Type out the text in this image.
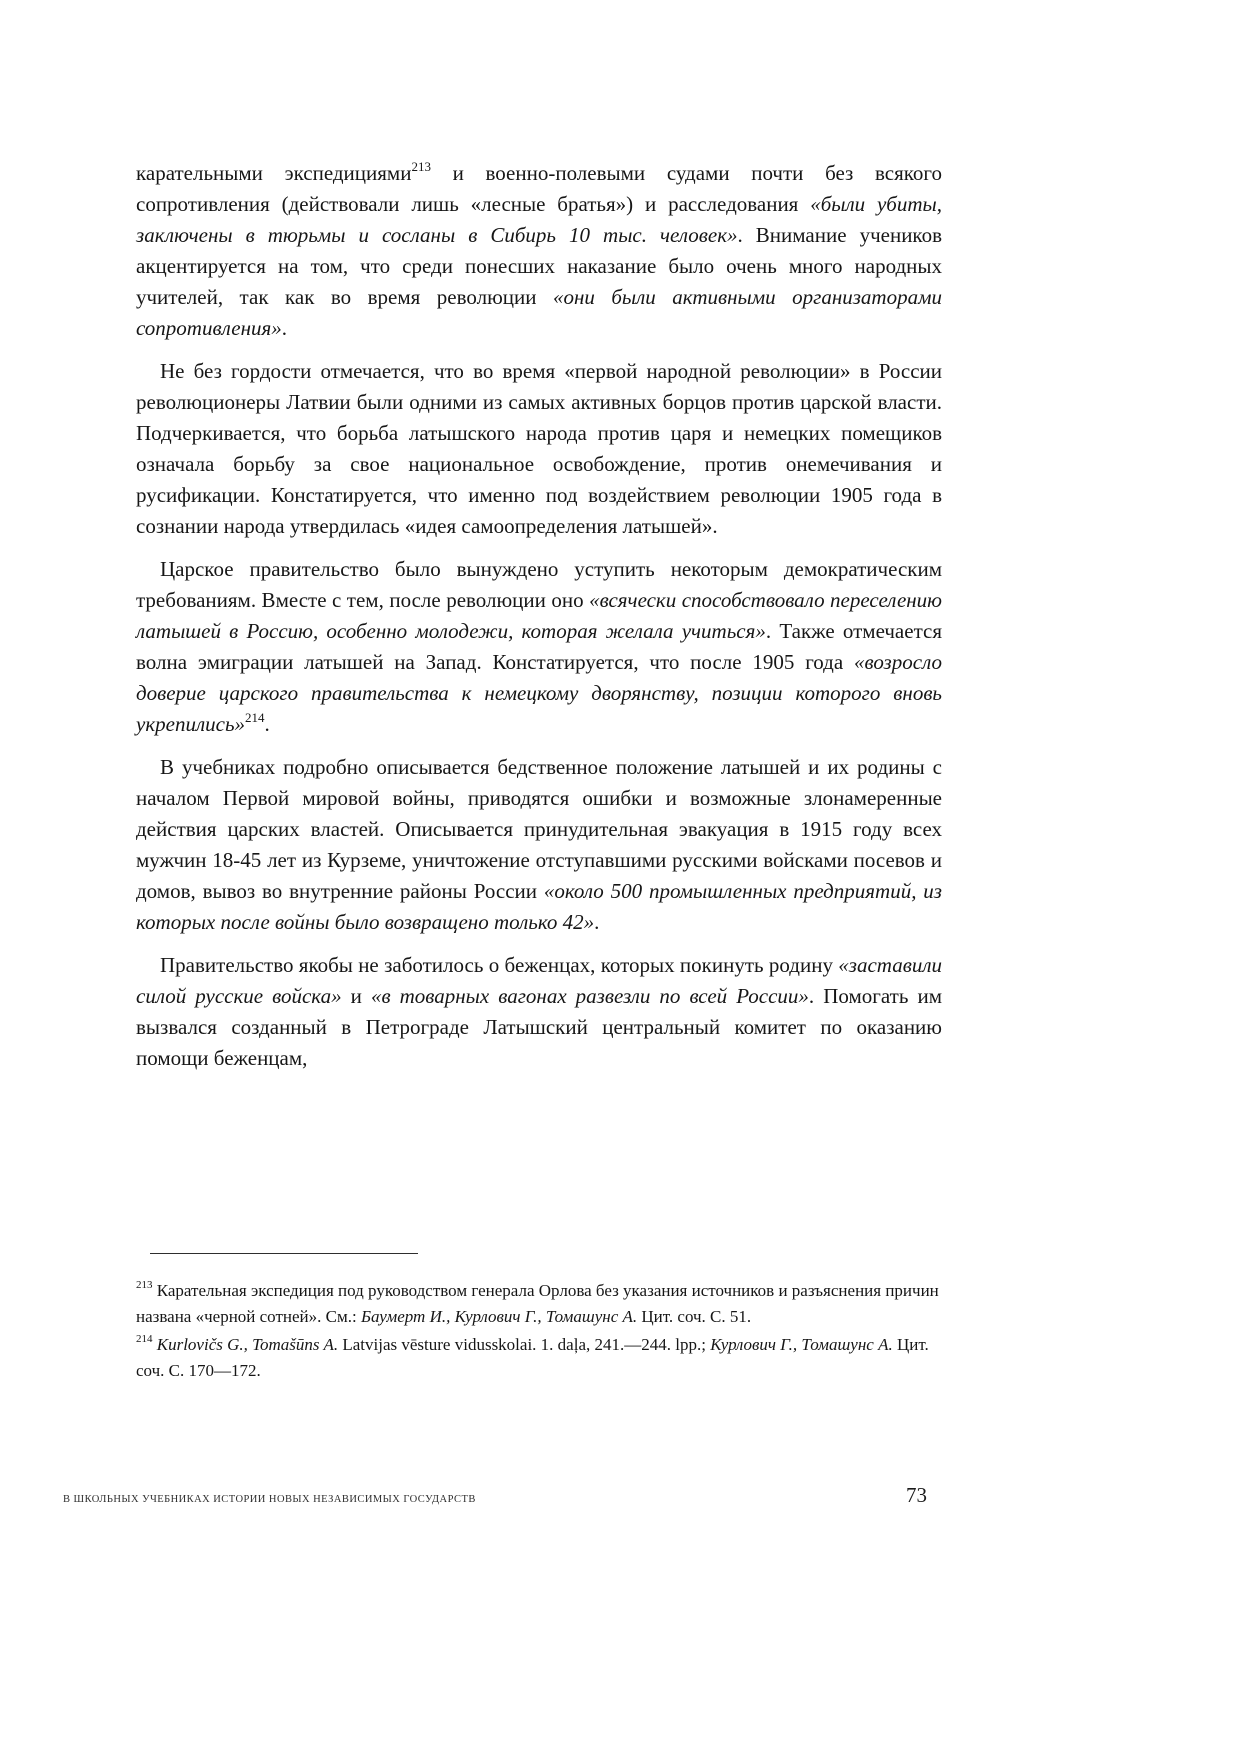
карательными экспедициями$^{213}$ и военно-полевыми судами почти без всякого сопротивления (действовали лишь «лесные братья») и расследования «были убиты, заключены в тюрьмы и сосланы в Сибирь 10 тыс. человек». Внимание учеников акцентируется на том, что среди понесших наказание было очень много народных учителей, так как во время революции «они были активными организаторами сопротивления».

Не без гордости отмечается, что во время «первой народной революции» в России революционеры Латвии были одними из самых активных борцов против царской власти. Подчеркивается, что борьба латышского народа против царя и немецких помещиков означала борьбу за свое национальное освобождение, против онемечивания и русификации. Констатируется, что именно под воздействием революции 1905 года в сознании народа утвердилась «идея самоопределения латышей».

Царское правительство было вынуждено уступить некоторым демократическим требованиям. Вместе с тем, после революции оно «всячески способствовало переселению латышей в Россию, особенно молодежи, которая желала учиться». Также отмечается волна эмиграции латышей на Запад. Констатируется, что после 1905 года «возросло доверие царского правительства к немецкому дворянству, позиции которого вновь укрепились»$^{214}$.

В учебниках подробно описывается бедственное положение латышей и их родины с началом Первой мировой войны, приводятся ошибки и возможные злонамеренные действия царских властей. Описывается принудительная эвакуация в 1915 году всех мужчин 18-45 лет из Курземе, уничтожение отступавшими русскими войсками посевов и домов, вывоз во внутренние районы России «около 500 промышленных предприятий, из которых после войны было возвращено только 42».

Правительство якобы не заботилось о беженцах, которых покинуть родину «заставили силой русские войска» и «в товарных вагонах развезли по всей России». Помогать им вызвался созданный в Петрограде Латышский центральный комитет по оказанию помощи беженцам,

$^{213}$ Карательная экспедиция под руководством генерала Орлова без указания источников и разъяснения причин названа «черной сотней». См.: Баумерт И., Курлович Г., Томашунс А. Цит. соч. С. 51.

$^{214}$ Kurlovičs G., Tomašūns A. Latvijas vēsture vidusskolai. 1. daļa, 241.—244. lpp.; Курлович Г., Томашунс А. Цит. соч. С. 170—172.

В ШКОЛЬНЫХ УЧЕБНИКАХ ИСТОРИИ НОВЫХ НЕЗАВИСИМЫХ ГОСУДАРСТВ	73
